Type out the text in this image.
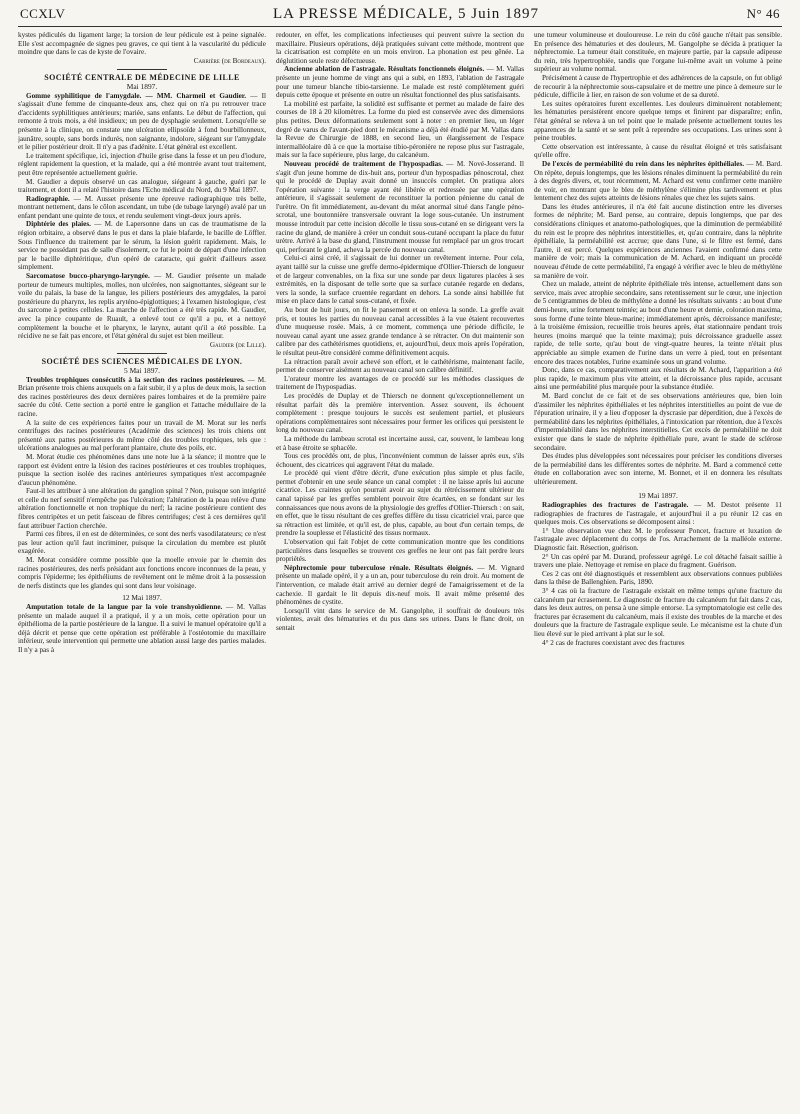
CCXLV	LA PRESSE MÉDICALE, 5 Juin 1897	N° 46

kystes pédiculés du ligament large; la torsion de leur pédicule est à peine signalée. Elle s'est accompagnée de signes peu graves, ce qui tient à la vascularité du pédicule moindre que dans le cas de kyste de l'ovaire.

Carrière (de Bordeaux).

SOCIÉTÉ CENTRALE DE MÉDECINE DE LILLE

Mai 1897.

Gomme syphilitique de l'amygdale. — MM. Charmeil et Gaudier. — Il s'agissait d'une femme de cinquante-deux ans, chez qui on n'a pu retrouver trace d'accidents syphilitiques antérieurs; mariée, sans enfants. Le début de l'affection, qui remonte à trois mois, a été insidieux; un peu de dysphagie seulement. Lorsqu'elle se présente à la clinique, on constate une ulcération ellipsoïde à fond bourbillonneux, jaunâtre, souple, sans bords indurés, non saignante, indolore, siégeant sur l'amygdale et le pilier postérieur droit. Il n'y a pas d'adénite. L'état général est excellent.

Le traitement spécifique, ici, injection d'huile grise dans la fesse et un peu d'iodure, réglent rapidement la question, et la malade, qui a été montrée avant tout traitement, peut être représentée actuellement guérie.

M. Gaudier a depuis observé un cas analogue, siégeant à gauche, guéri par le traitement, et dont il a relaté l'histoire dans l'Echo médical du Nord, du 9 Mai 1897.

Radiographie. — M. Ausset présente une épreuve radiographique très belle, montrant nettement, dans le côlon ascendant, un tube (de tubage laryngé) avalé par un enfant pendant une quinte de toux, et rendu seulement vingt-deux jours après.

Diphtérie des plaies. — M. de Lapersonne dans un cas de traumatisme de la région orbitaire, a observé dans le pus et dans la plaie blafarde, le bacille de Löffler. Sous l'influence du traitement par le sérum, la lésion guérit rapidement. Mais, le service ne possédant pas de salle d'isolement, ce fut le point de départ d'une infection par le bacille diphtéritique, d'un opéré de cataracte, qui guérit d'ailleurs assez simplement.

Sarcomatose bucco-pharyngo-laryngée. — M. Gaudier présente un malade porteur de tumeurs multiples, molles, non ulcérées, non saignottantes, siégeant sur le voile du palais, la base de la langue, les piliers postérieurs des amygdales, la paroi postérieure du pharynx, les replis aryténo-épiglottiques; à l'examen histologique, c'est du sarcome à petites cellules. La marche de l'affection a été très rapide. M. Gaudier, avec la pince coupante de Ruault, a enlevé tout ce qu'il a pu, et a nettoyé complètement la bouche et le pharynx, le larynx, autant qu'il a été possible. La récidive ne se fait pas encore, et l'état général du sujet est bien meilleur.

Gaudier (de Lille).

SOCIÉTÉ DES SCIENCES MÉDICALES DE LYON.

5 Mai 1897.

Troubles trophiques consécutifs à la section des racines postérieures. — M. Brian présente trois chiens auxquels on a fait subir, il y a plus de deux mois, la section des racines postérieures des deux dernières paires lombaires et de la première paire sacrée du côté. Cette section a porté entre le ganglion et l'attache médullaire de la racine.

A la suite de ces expériences faites pour un travail de M. Morat sur les nerfs centrifuges des racines postérieures (Académie des sciences) les trois chiens ont présenté aux pattes postérieures du même côté des troubles trophiques, tels que : ulcérations analogues au mal perforant plantaire, chute des poils, etc.

M. Morat étudie ces phénomènes dans une note lue à la séance; il montre que le rapport est évident entre la lésion des racines postérieures et ces troubles trophiques, puisque la section isolée des racines antérieures sympatiques n'est accompagnée d'aucun phénomène.

Faut-il les attribuer à une altération du ganglion spinal ? Non, puisque son intégrité et celle du nerf sensitif n'empêche pas l'ulcération; l'altération de la peau relève d'une altération fonctionnelle et non trophique du nerf; la racine postérieure contient des fibres centripètes et un petit faisceau de fibres centrifuges; c'est à ces dernières qu'il faut attribuer l'action cherchée.

Parmi ces fibres, il en est de déterminées, ce sont des nerfs vasodilatateurs; ce n'est pas leur action qu'il faut incriminer, puisque la circulation du membre est plutôt exagérée.

M. Morat considère comme possible que la moelle envoie par le chemin des racines postérieures, des nerfs présidant aux fonctions encore inconnues de la peau, y compris l'épiderme; les épithéliums de revêtement ont le même droit à la possession de nerfs distincts que les glandes qui sont dans leur voisinage.

12 Mai 1897.

Amputation totale de la langue par la voie transhyoïdienne. — M. Vallas présente un malade auquel il a pratiqué, il y a un mois, cette opération pour un épithélioma de la partie postérieure de la langue. Il a suivi le manuel opératoire qu'il a déjà décrit et pense que cette opération est préférable à l'ostéotomie du maxillaire inférieur, seule intervention qui permette une ablation aussi large des parties malades. Il n'y a pas à

redouter, en effet, les complications infectieuses qui peuvent suivre la section du maxillaire. Plusieurs opérations, déjà pratiquées suivant cette méthode, montrent que la cicatrisation est complète en un mois environ. La phonation est peu gênée. La déglutition seule reste défectueuse.

Ancienne ablation de l'astragale. Résultats fonctionnels éloignés. — M. Vallas présente un jeune homme de vingt ans qui a subi, en 1893, l'ablation de l'astragale pour une tumeur blanche tibio-tarsienne. Le malade est resté complètement guéri depuis cette époque et présente en outre un résultat fonctionnel des plus satisfaisants.

La mobilité est parfaite, la solidité est suffisante et permet au malade de faire des courses de 18 à 20 kilomètres. La forme du pied est conservée avec des dimensions plus petites. Deux déformations seulement sont à noter : en premier lieu, un léger degré de varus de l'avant-pied dont le mécanisme a déjà été étudié par M. Vallas dans la Revue de Chirurgie de 1888, en second lieu, un élargissement de l'espace intermalléolaire dû à ce que la mortaise tibio-péronière ne repose plus sur l'astragale, mais sur la face supérieure, plus large, du calcanéum.

Nouveau procédé de traitement de l'hypospadias. — M. Nové-Josserand. Il s'agit d'un jeune homme de dix-huit ans, porteur d'un hypospadias pénoscrotal, chez qui le procédé de Duplay avait donné un insuccès complet. On pratiqua alors l'opération suivante : la verge ayant été libérée et redressée par une opération antérieure, il s'agissait seulement de reconstituer la portion pénienne du canal de l'urètre. On fit immédiatement, au-devant du méat anormal situé dans l'angle péno-scrotal, une boutonnière transversale ouvrant la loge sous-cutanée. Un instrument mousse introduit par cette incision décolle le tissu sous-cutané en se dirigeant vers la racine du gland, de manière à créer un conduit sous-cutané occupant la place du futur urètre. Arrivé à la base du gland, l'instrument mousse fut remplacé par un gros trocart qui, perforant le gland, acheva la percée du nouveau canal.

Celui-ci ainsi créé, il s'agissait de lui donner un revêtement interne. Pour cela, ayant taillé sur la cuisse une greffe dermo-épidermique d'Ollier-Thiersch de longueur et de largeur convenables, on la fixa sur une sonde par deux ligatures placées à ses extrémités, en la disposant de telle sorte que sa surface cutanée regarde en dedans, vers la sonde, la surface cruentée regardant en dehors. La sonde ainsi habillée fut mise en place dans le canal sous-cutané, et fixée.

Au bout de huit jours, on fit le pansement et on enleva la sonde. La greffe avait pris, et toutes les parties du nouveau canal accessibles à la vue étaient recouvertes d'une muqueuse rosée. Mais, à ce moment, commença une période difficile, le nouveau canal ayant une assez grande tendance à se rétracter. On dut maintenir son calibre par des cathétérismes quotidiens, et, aujourd'hui, deux mois après l'opération, le résultat peut-être considéré comme définitivement acquis.

La rétraction paraît avoir achevé son effort, et le cathétérisme, maintenant facile, permet de conserver aisément au nouveau canal son calibre définitif.

L'orateur montre les avantages de ce procédé sur les méthodes classiques de traitement de l'hypospadias.

Les procédés de Duplay et de Thiersch ne donnent qu'exceptionnellement un résultat parfait dès la première intervention. Assez souvent, ils échouent complètement : presque toujours le succès est seulement partiel, et plusieurs opérations complémentaires sont nécessaires pour fermer les orifices qui persistent le long du nouveau canal.

La méthode du lambeau scrotal est incertaine aussi, car, souvent, le lambeau long et à base étroite se sphacèle.

Tous ces procédés ont, de plus, l'inconvénient commun de laisser après eux, s'ils échouent, des cicatrices qui aggravent l'état du malade.

Le procédé qui vient d'être décrit, d'une exécution plus simple et plus facile, permet d'obtenir en une seule séance un canal complet : il ne laisse après lui aucune cicatrice. Les craintes qu'on pourrait avoir au sujet du rétrécissement ultérieur du canal tapissé par les greffes semblent pouvoir être écartées, en se fondant sur les connaissances que nous avons de la physiologie des greffes d'Ollier-Thiersch : on sait, en effet, que le tissu résultant de ces greffes diffère du tissu cicatriciel vrai, parce que sa rétraction est limitée, et qu'il est, de plus, capable, au bout d'un certain temps, de prendre la souplesse et l'élasticité des tissus normaux.

L'observation qui fait l'objet de cette communication montre que les conditions particulières dans lesquelles se trouvent ces greffes ne leur ont pas fait perdre leurs propriétés.

Néphrectomie pour tuberculose rénale. Résultats éloignés. — M. Vignard présente un malade opéré, il y a un an, pour tuberculose du rein droit. Au moment de l'intervention, ce malade était arrivé au dernier degré de l'amaigrissement et de la cachexie. Il gardait le lit depuis dix-neuf mois. Il avait même présenté des phénomènes de cystite.

Lorsqu'il vint dans le service de M. Gangolphe, il souffrait de douleurs très violentes, avait des hématuries et du pus dans ses urines. Dans le flanc droit, on sentait

une tumeur volumineuse et douloureuse. Le rein du côté gauche n'était pas sensible. En présence des hématuries et des douleurs, M. Gangolphe se décida à pratiquer la néphrectomie. La tumeur était constituée, en majeure partie, par la capsule adipeuse du rein, très hypertrophiée, tandis que l'organe lui-même avait un volume à peine supérieur au volume normal.

Précisément à cause de l'hypertrophie et des adhérences de la capsule, on fut obligé de recourir à la néphrectomie sous-capsulaire et de mettre une pince à demeure sur le pédicule, difficile à lier, en raison de son volume et de sa dureté.

Les suites opératoires furent excellentes. Les douleurs diminuèrent notablement; les hématuries persistèrent encore quelque temps et finirent par disparaître; enfin, l'état général se releva à un tel point que le malade présente actuellement toutes les apparences de la santé et se sent prêt à reprendre ses occupations. Les urines sont à peine troubles.

Cette observation est intéressante, à cause du résultat éloigné et très satisfaisant qu'elle offre.

De l'excès de perméabilité du rein dans les néphrites épithéliales. — M. Bard. On répète, depuis longtemps, que les lésions rénales diminuent la perméabilité du rein à des degrés divers, et, tout récemment, M. Achard est venu confirmer cette manière de voir, en montrant que le bleu de méthylène s'élimine plus tardivement et plus lentement chez des sujets atteints de lésions rénales que chez les sujets sains.

Dans les études antérieures, il n'a été fait aucune distinction entre les diverses formes de néphrite; M. Bard pense, au contraire, depuis longtemps, que par des considérations cliniques et anatomo-pathologiques, que la diminution de perméabilité du rein est le propre des néphrites interstitielles, et, qu'au contraire, dans la néphrite épithéliale, la perméabilité est accrue; que dans l'une, si le filtre est fermé, dans l'autre, il est percé. Quelques expériences anciennes l'avaient confirmé dans cette manière de voir; mais la communication de M. Achard, en indiquant un procédé nouveau d'étude de cette perméabilité, l'a engagé à vérifier avec le bleu de méthylène sa manière de voir.

Chez un malade, atteint de néphrite épithéliale très intense, actuellement dans son service, mais avec atrophie secondaire, sans retentissement sur le cœur, une injection de 5 centigrammes de bleu de méthylène a donné les résultats suivants : au bout d'une demi-heure, urine fortement teintée; au bout d'une heure et demie, coloration maxima, sous forme d'une teinte bleue-marine; immédiatement après, décroissance manifeste; à la troisième émission, recueillie trois heures après, état stationnaire pendant trois heures (moins marqué que la teinte maxima); puis décroissance graduelle assez rapide, de telle sorte, qu'au bout de vingt-quatre heures, la teinte n'était plus appréciable au simple examen de l'urine dans un verre à pied, tout en présentant encore des traces notables, l'urine examinée sous un grand volume.

Donc, dans ce cas, comparativement aux résultats de M. Achard, l'apparition a été plus rapide, le maximum plus vite atteint, et la décroissance plus rapide, accusant ainsi une perméabilité plus marquée pour la substance étudiée.

M. Bard conclut de ce fait et de ses observations antérieures que, bien loin d'assimiler les néphrites épithéliales et les néphrites interstitielles au point de vue de l'épuration urinaire, il y a lieu d'opposer la dyscrasie par déperdition, due à l'excès de perméabilité dans les néphrites épithéliales, à l'intoxication par rétention, due à l'excès d'imperméabilité dans les néphrites interstitielles. Cet excès de perméabilité ne doit exister que dans le stade de néphrite épithéliale pure, avant le stade de sclérose secondaire.

Des études plus développées sont nécessaires pour préciser les conditions diverses de la perméabilité dans les différentes sortes de néphrite. M. Bard a commencé cette étude en collaboration avec son interne, M. Bonnet, et il en donnera les résultats ultérieurement.

19 Mai 1897.

Radiographies des fractures de l'astragale. — M. Destot présente 11 radiographies de fractures de l'astragale, et aujourd'hui il a pu réunir 12 cas en quelques mois. Ces observations se décomposent ainsi :

1° Une observation vue chez M. le professeur Poncet, fracture et luxation de l'astragale avec déplacement du corps de l'os. Arrachement de la malléole externe. Diagnostic fait. Résection, guérison.

2° Un cas opéré par M. Durand, professeur agrégé. Le col détaché faisait saillie à travers une plaie. Nettoyage et remise en place du fragment. Guérison.

Ces 2 cas ont été diagnostiqués et ressemblent aux observations connues publiées dans la thèse de Ballenghien. Paris, 1890.

3° 4 cas où la fracture de l'astragale existait en même temps qu'une fracture du calcanéum par écrasement. Le diagnostic de fracture du calcanéum fut fait dans 2 cas, dans les deux autres, on pensa à une simple entorse. La symptomatologie est celle des fractures par écrasement du calcanéum, mais il existe des troubles de la marche et des douleurs que la fracture de l'astragale explique seule. Le mécanisme est la chute d'un lieu élevé sur le pied arrivant à plat sur le sol.

4° 2 cas de fractures coexistant avec des fractures
